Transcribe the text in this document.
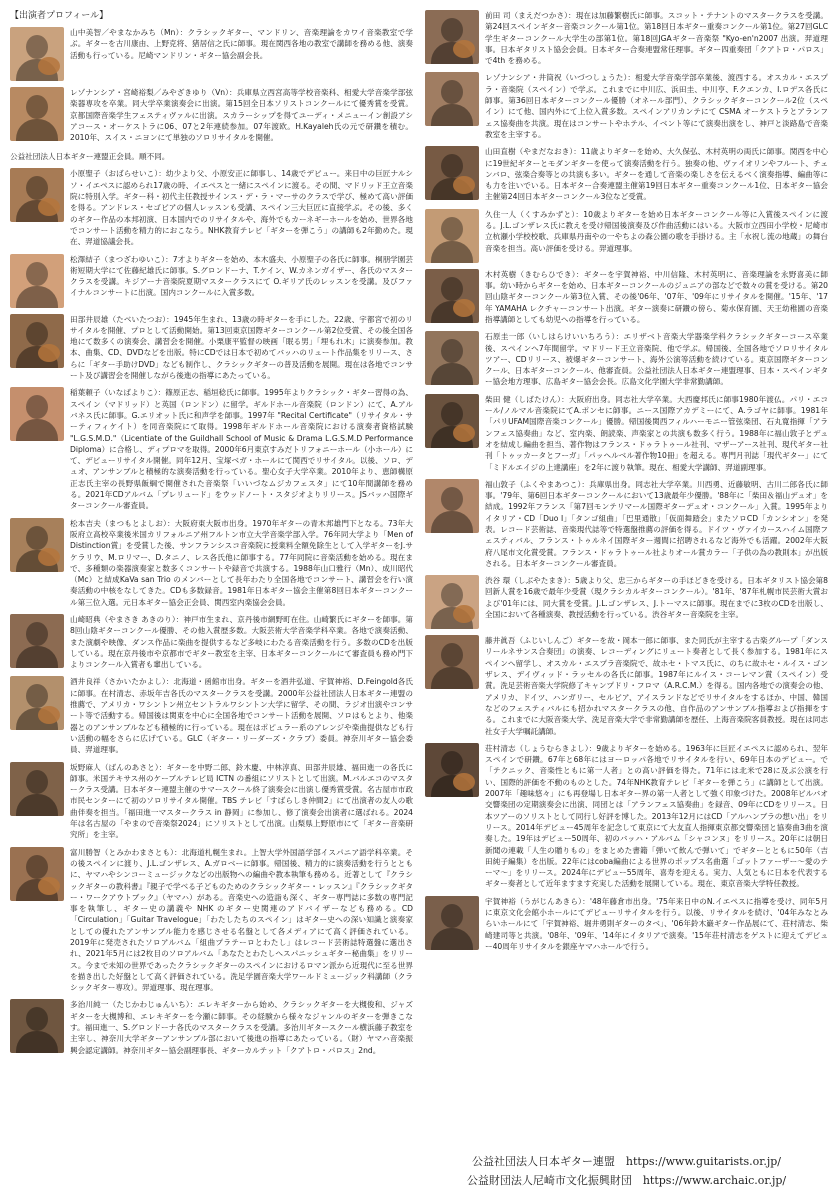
【出演者プロフィール】
山中美智／やまなかみち（Mn）：クラシックギター、マンドリン、音楽理論をカワイ音楽教室で学ぶ。ギターを古川康由、上野克将、猪居信之氏に師事。現在関西各地の教室で講師を務める他、演奏活動も行っている。尼崎マンドリン・ギター協会副会長。
レゾナンシア・宮崎裕梨／みやざきゆり（Vn）：兵庫県立西宮高等学校音楽科、相愛大学音楽学部弦楽器専攻を卒業。同大学卒業演奏会に出演。第15回全日本ソリストコンクールにて優秀賞を受賞。京都国際音楽学生フェスティヴァルに出演。スカラーシップを得てユーディ・メニューイン創設アシアコース・オーケストラに06、07と2年連続参加。07年渡欧。H.Kayaleh氏の元で研鑽を積む。2010年、スイス・ニヨンにて単独のソロリサイタルを開催。
公益社団法人日本ギター連盟正会員。順不同。
小原聖子（おばらせいこ）：幼少より父、小原安正に師事し、14歳でデビュー。来日中の巨匠ナルシソ・イエペスに認められ17歳の時、イエペスと一緒にスペインに渡る。その間、マドリッド王立音楽院に特別入学。ギター科・初代主任教授サインス・デ・ラ・マーサのクラスで学び、極めて高い評価を得る。アンドレス・セゴビアの個人レッスンも受講、スペイン三大巨匠に直接学ぶ。その後、多くのギター作品の本邦初演、日本国内でのリサイタルや、海外でもカーネギーホールを始め、世界各地でコンサート活動を精力的におこなう。NHK教育テレビ「ギターを弾こう」の講師も2年勤めた。現在、羿道協議会長。
松澤結子（まつざわゆいこ）：7才よりギターを始め、本木盛夫、小原聖子の各氏に師事。桐朋学園芸術短期大学にて佐藤紀雄氏に師事。S.グロンドーナ、T.ケイン、W.カネンガイザー、各氏のマスタークラスを受講。キジアーナ音楽院夏期マスタークラスにて O.ギリア氏のレッスンを受講。及びファイナルコンサートに出演。国内コンクールに入賞多数。
田部井辰雄（たべいたつお）：1945年生まれ、13歳の時ギターを手にした。22歳、宇都宮で初のリサイタルを開催、プロとして活動開始。第13回東京国際ギターコンクール第2位受賞、その後全国各地にて数多くの演奏会、講習会を開催。小栗康平監督の映画「眠る男」「埋もれ木」に演奏参加。教本、曲集、CD、DVDなどを出版。特にCDでは日本で初めてバッハのリュート作品集をリリース、さらに「ギター手助けDVD」なども制作し、クラシックギターの普及活動を展開。現在は各地でコンサート及び講習会を開催しながら後進の指導にあたっている。
稲葉頼子（いなばよりこ）：篠原正志、稲垣稔氏に師事。1995年よりクラシック・ギター習得の為、スペイン（マドリッド）と英国（ロンドン）に留学。ギルドホール音楽院（ロンドン）にて、A.アルバネス氏に師事。G.エリオット氏に和声学を師事。1997年 "Recital Certificate"（リサイタル・サーティフィケイト）を同音楽院にて取得。1998年ギルドホール音楽院における演奏者資格試験 "L.G.S.M.D."（Licentiate of the Guildhall School of Music & Drama L.G.S.M.D Performance Diploma）に合格し、ディプロマを取得。2000年6月東京すみだトリフォニーホール（小ホール）にて、デビューリサイタル開催。同年12月、宝塚ベガ・ホールにて関西でリサイタル。以後、ソロ、デュオ、アンサンブルと積極的な演奏活動を行っている。聖心女子大学卒業。2010年より、恵師構原正志氏主宰の長野県飯綱で開催された音楽祭「いいづなムジカフェスタ」にて10年間講師を務める。2021年CDアルバム「プレリュード」をウッドノート・スタジオよりリリース。JSバッハ国際ギターコンクール審査員。
松本吉夫（まつもとよしお）：大阪府東大阪市出身。1970年ギターの青木邦雄門下となる。73年大阪府立高校卒業後米国カリフォルニア州フルトン市立大学音楽学部入学。76年同大学より「Men of Distinction賞」を受賞した後、サンフランシスコ音楽院に授業料全額免除生として入学ギターをJ.サケラリウ、M.ロリマー、D.タニノ、レス各氏他に師事する。77年同院に音楽活動を始める。現在まで、多種類の楽器演奏家と数多くコンサートや録音で共演する。1988年山口雅行（Mn）、成川昭代（Mc）と結成KaVa san Trio のメンバーとして長年わたり全国各地でコンサート、講習会を行い演奏活動の中核をなしてきた。CDも多数録音。1981年日本ギター協会主催第8回日本ギターコンクール第三位入選。元日本ギター協会正会員、関西室内楽協会会員。
山崎昭典（やまさき あきのり）：神戸市生まれ、京丹後市網野町在住。山崎繁氏にギターを師事。第8回山陰ギターコンクール優勝、その他入賞歴多数。大阪芸術大学音楽学科卒業。各地で演奏活動、また演劇や映像、ダンス作品に楽曲を提供するなど多岐にわたる音楽活動を行う。多数のCDを出版している。現在京丹後市や京都市でギター教室を主宰、日本ギターコンクールにて審査員も務め門下よりコンクール入賞者も輩出している。
酒井良祥（さかいたかよし）：北海道・函館市出身。ギターを酒井弘道、宇賀神裕、D.Feingold各氏に師事。在村清志、赤坂年吉各氏のマスタークラスを受講。2000年公益社団法人日本ギター連盟の推薦で、アメリカ・ワシントン州立セントラルワシントン大学に留学、その間、ラジオ出演やコンサート等で活動する。帰国後は関東を中心に全国各地でコンサート活動を展開、ソロはもとより、他楽器とのアンサンブルなども積極的に行っている。現在はポピュラー系のアレンジや楽曲提供なども行い活動の幅をさらに広げている。GLC（ギター・リーダーズ・クラブ）委員。神奈川ギター協会委員、羿道理事。
坂野麻人（ばんのあさと）：ギターを中野二郎、鈴木慶、中林淳真、田部井辰雄、福田進一の各氏に師事。米国テキサス州のケーブルテレビ局 ICTN の番組にソリストとして出演。M.バルエコのマスタークラス受講。日本ギター連盟主催のサマースクール終了演奏会に出演し優秀賞受賞。名古屋市市政市民センターにて初のソロリサイタル開催。TBS テレビ「すばらしき仲間2」にて出演者の友人の歌曲伴奏を担当。「福田進一マスタークラス in 静岡」に参加し、修了演奏会出演者に選ばれる。2024年は名古屋の「やまので音楽祭2024」にソリストとして出演。山梨県上野原市にて「ギター音楽研究所」を主宰。
富川勝智（とみかわまさとも）：北海道札幌生まれ。上智大学外国語学部イスパニア語学科卒業。その後スペインに渡り、J.L.ゴンザレス、A.ガロベーに師事。帰国後、精力的に演奏活動を行うとともに、ヤマハやシンコーミュージックなどの出版物への編曲や教本執筆も務める。近著として『クラシックギターの教科書』『親子で学べる子どものためのクラシックギター・レッスン』『クラシックギター・ワークアウトブック』（ヤマハ）がある。音楽史への造詣も深く、ギター専門誌に多数の専門記事を執筆し、ギター史の講義や NHK のギター史関連のアドバイザーなども務める。CD「Circulation」「Guitar Travelogue」「わたしたちのスペイン」はギター史への深い知識と演奏家としての優れたアンサンブル能力を感じさせる名盤として各メディアにて高く評価されている。2019年に発売されたソロアルバム「組曲プラテーロとわたし」はレコード芸術誌特選盤に選出され、2021年5月には2枚目のソロアルバム「あなたとわたしへスパニッシュギター秘曲集」をリリース。今まで未知の世界であったクラシックギターのスペインにおけるロマン派から近現代に至る世界を描き出した好盤として高く評価されている。洗足学園音楽大学ワールドミュージック科講師（クラシックギター専攻）。羿道理事、現在理事。
多治川純一（たじかわじゅんいち）：エレキギターから始め、クラシックギターを大槻俊和、ジャズギターを大槻博和、エレキギターを今瀬に師事。その経験から様々なジャンルのギターを弾きこなす。福田進一、S.グロンドーナ各氏のマスタークラスを受講。多治川ギタースクール横浜藤子教室を主宰し、神奈川大学ギターアンサンブル部において後進の指導にあたっている。（財）ヤマハ音楽振興会認定講師。神奈川ギター協会副理事長、ギターカルテット「クアトロ・パロス」2nd。
前田 司（まえだつかさ）：現在は加藤繁樹氏に師事。スコット・テナントのマスタークラスを受講。第24回スペインギター音楽コンクール第1位。第18回日本ギター重奏コンクール第1位。第27回GLC学生ギターコンクール大学生の部第1位。第18回JGAギター音楽祭 "Kyo-en'n2007 出演。羿道理事。日本ギタリスト協会会員。日本ギター合奏連盟常任理事。ギター四重奏団「クアトロ・パロス」で4th を務める。
レゾナンシア・井筒祝（いづつしょうた）：相愛大学音楽学部卒業後、渡西する。オスカル・エスプラ・音楽院（スペイン）で学ぶ。これまでに中川広、浜田圭、中川亨、F.クエンカ、I.ロデス各氏に師事。第36回日本ギターコンクール優勝（オネール部門）、クラシックギターコンクール2位（スペイン）にて他、国内外にて上位入賞多数。スペインアリカンテにて CSMA オーケストラとアランフェス協奏曲を共演。現在はコンサートやホテル、イベント等にて演奏出演をし、神戸と淡路島で音楽教室を主宰する。
山田直樹（やまだなおき）：11歳よりギターを始め、大久保弘、木村英明の両氏に師事。関西を中心に19世紀ギターとモダンギターを使って演奏活動を行う。独奏の他、ヴァイオリンやフルート、チェンバロ、弦楽合奏等との共演も多い。ギターを通して音楽の楽しさを伝えるべく演奏指導、編曲等にも力を注いでいる。日本ギター合奏連盟主催第19回日本ギター重奏コンクール1位、日本ギター協会主催第24回日本ギターコンクール3位など受賞。
久住一人（くすみかずと）：10歳よりギターを始め日本ギターコンクール等に入賞後スペインに渡る。J.L.ゴンザレス氏に教えを受け帰国後演奏及び作曲活動にはいる。大阪市立西田小学校・尼崎市立杭瀬小学校校歌、兵庫県丹南やの一やちよの森公園の歌を手掛ける。主「水祝し流の地蔵」の舞台音楽を担当。高い評価を受ける。羿道理事。
木村英樹（きむらひでき）：ギターを宇賀神裕、中川信隆、木村英明に、音楽理論を永野喜美に師事。幼い時からギターを始め、日本ギターコンクールのジュニアの部などで数々の賞を受ける。第20回山陰ギターコンクール第3位入賞、その後'06年、'07年、'09年にリサイタルを開催。'15年、'17年 YAMAHA レクチャーコンサート出演。ギター演奏に研鑽の傍ら、菊水保育園、天王幼稚園の音楽指導講師としても幼児への指導を行っている。
石原圭一郎（いしはらけいいちろう）：エリザベト音楽大学器楽学科クラシックギターコース卒業後、スペインへ7年間留学。マドリード王立音楽院、他で学ぶ。帰国後、全国各地でソロリサイタルツアー、CDリリース、被爆ギターコンサート、海外公演等活動を続けている。東京国際ギターコンクール、日本ギターコンクール、他審査員。公益社団法人日本ギター連盟理事、日本・スペインギター協会地方理事、広島ギター協会会長。広島文化学園大学非常勤講師。
柴田 健（しばたけん）：大阪府出身。同志社大学卒業。大西慶邦氏に師事1980年渡仏。パリ・エコール/ノルマル音楽院にてA.ポンセに師事。ニース国際アカデミーにて、A.ラゴヤに師事。1981年「パリUFAM国際音楽コンクール」優勝。帰国後関西フィルハーモニー管弦楽団、石丸寛指揮「アランフェス協奏曲」など、室内楽、朗読楽、声楽家との共演も数多く行う。1988年に福山敦子とデュオを結成し編曲を担当、著作物はフランス・ドゥラトゥール社刊、マザーアース社刊、現代ギター社刊「トゥッカータとフーガ」「パッヘルベル著作物10冊」を超える。専門月刊誌「現代ギター」にて「ミドルエイジの上達講座」を2年に渡り執筆。現在、相愛大学講師、羿道副理事。
福山敦子（ふくやまあつこ）：兵庫県出身。同志社大学卒業。川西勇、近藤敏明、古川二郎各氏に師事。'79年、第6回日本ギターコンクールにおいて13歳最年少優勝。'88年に「柴田＆福山デュオ」を結成。1992年フランス「第7回モンテリマール国際ギターデュオ・コンクール」入賞。1995年よりイタリア・CD「Duo I」「タンゴ組曲」「巴里通散」「仮面舞踏会」またソロCD「カンシオン」を発表。レコード芸術誌、音楽現代誌等で特選盤推薦の評価を得る。ドイツ・ヴァイカースハイム国際フェスティバル、フランス・トゥルネイ国際ギター週間に招聘されるなど海外でも活躍。2002年大阪府八尾市文化賞受賞。フランス・ドゥラトゥール社よりオール賞カラー「子供の為の教則本」が出版される。日本ギターコンクール審査員。
渋谷 環（しぶやたまき）：5歳より父、忠三からギターの手ほどきを受ける。日本ギタリスト協会第8回新人賞を16歳で最年少受賞（現クラシカルギターコンクール）。'81年、'87年札幌市民芸術大賞および'01年には、同大賞を受賞。J.L.ゴンザレス、J.トーマスに師事。現在までに3枚のCDを出版し、全国において各種演奏、教授活動を行っている。渋谷ギター音楽院を主宰。
藤井眞吾（ふじいしんご）ギターを故・岡本一郎に師事、また同氏が主宰する古楽グループ「ダンスリールネサンス合奏団」の演奏、レコーディングにリュート奏者として長く参加する。1981年にスペインへ留学し、オスカル・エスプラ音楽院で、故ホセ・トマス氏に、のちに故ホセ・ルイス・ゴンザレス、デイヴィッド・ラッセルの各氏に師事。1987年にルイス・コーレマン賞（スペイン）受賞。洗足芸術音楽大学院修了キャンプドリ・フロマ（A.R.C.M.）を得る。国内各地での演奏会の他、アメリカ、ドイツ、ハンガリー、セルビア、アイスランドなどでリサイタルをするほか、中国、韓国などのフェスティバルにも招かれマスタークラスの他、自作品のアンサンブル指導および指揮をする。これまでに大阪音楽大学、洗足音楽大学で非常勤講師を歴任、上海音楽院客員教授。現在は同志社女子大学嘱託講師。
荘村清志（しょうむらきよし）：9歳よりギターを始める。1963年に巨匠イエペスに認められ、翌年スペインで研鑽。67年と68年にはヨーロッパ各地でリサイタルを行い、69年日本のデビュー。で「テクニック、音楽性ともに第一人者」との高い評価を得た。71年には北米で28に及ぶ公演を行い、国際的評価を不動のものとした。74年NHK教育テレビ「ギターを弾こう」に講師として出演。2007年「趣味悠々」にも再登場し日本ギター界の第一人者として強く印象づけた。2008年ビルバオ交響楽団の定期演奏会に出演、同団とは「アランフェス協奏曲」を録音、09年にCDをリリース。日本ツアーのソリストとして同行し好評を博した。2013年12月にはCD「アルハンブラの想い出」をリリース。2014年デビュー45周年を記念して東京にて大友直人指揮東京都交響楽団と協奏曲3曲を演奏した。19年はデビュー50周年、初のバッハ・アルバム「シャコンヌ」をリリース。20年には朝日新聞の連載「人生の贈りもの」をまとめた書籍「弾いて飲んで弾いて」でギターとともに50年（吉田純子編集）を出版。22年にはcoba編曲による世界のポップス名曲選「ゴットファーザー〜愛のテーマ〜」をリリース。2024年にデビュー55周年、喜寿を迎える。実力、人気ともに日本を代表するギター奏者として近年ますます充実した活動を展開している。現在、東京音楽大学特任教授。
宇賀神裕（うがじんあきら）：'48年藤倉市出身。'75年来日中のN.イエペスに指導を受け、同年5月に東京文化会館小ホールにてデビューリサイタルを行う。以後、リサイタルを続け、'04年みなとみらいホールにて「宇賀神裕、堀井勇則ギターのタベ」、'06年鈴木巌ギター作品展にて、荘村清志、柴崎建司等と共演。'08年、'09年、'14年にイタリアで演奏。'15年荘村清志をゲストに迎えてデビュー40周年リサイタルを銀座ヤマハホールで行う。
公益社団法人日本ギター連盟　https://www.guitarists.or.jp/
公益財団法人尼崎市文化振興財団　https://www.archaic.or.jp/
